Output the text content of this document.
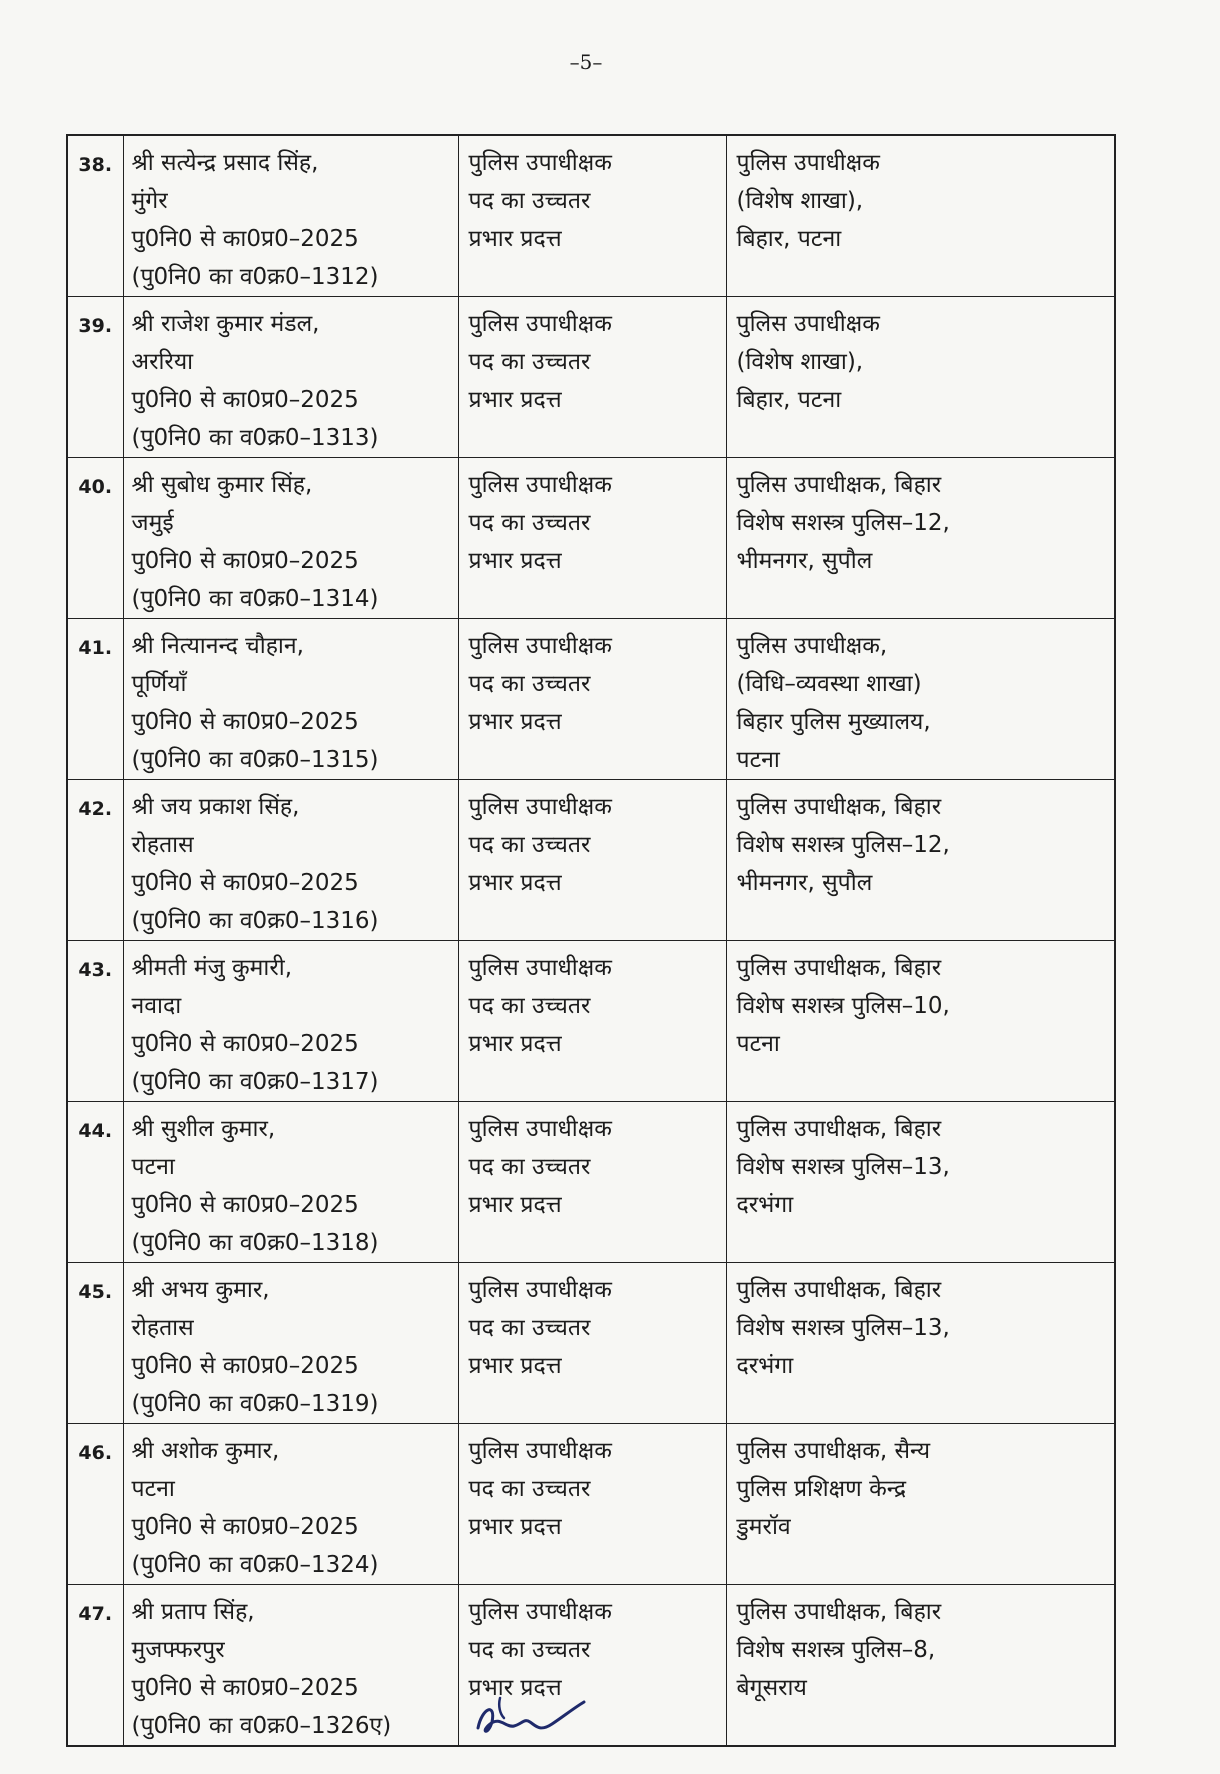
–5–
38.	श्री सत्येन्द्र प्रसाद सिंह,
मुंगेर
पु0नि0 से का0प्र0–2025
(पु0नि0 का व0क्र0–1312)	पुलिस उपाधीक्षक
पद का उच्चतर
प्रभार प्रदत्त	पुलिस उपाधीक्षक
(विशेष शाखा),
बिहार, पटना

39.	श्री राजेश कुमार मंडल,
अररिया
पु0नि0 से का0प्र0–2025
(पु0नि0 का व0क्र0–1313)	पुलिस उपाधीक्षक
पद का उच्चतर
प्रभार प्रदत्त	पुलिस उपाधीक्षक
(विशेष शाखा),
बिहार, पटना

40.	श्री सुबोध कुमार सिंह,
जमुई
पु0नि0 से का0प्र0–2025
(पु0नि0 का व0क्र0–1314)	पुलिस उपाधीक्षक
पद का उच्चतर
प्रभार प्रदत्त	पुलिस उपाधीक्षक, बिहार
विशेष सशस्त्र पुलिस–12,
भीमनगर, सुपौल

41.	श्री नित्यानन्द चौहान,
पूर्णियाँ
पु0नि0 से का0प्र0–2025
(पु0नि0 का व0क्र0–1315)	पुलिस उपाधीक्षक
पद का उच्चतर
प्रभार प्रदत्त	पुलिस उपाधीक्षक,
(विधि–व्यवस्था शाखा)
बिहार पुलिस मुख्यालय,
पटना

42.	श्री जय प्रकाश सिंह,
रोहतास
पु0नि0 से का0प्र0–2025
(पु0नि0 का व0क्र0–1316)	पुलिस उपाधीक्षक
पद का उच्चतर
प्रभार प्रदत्त	पुलिस उपाधीक्षक, बिहार
विशेष सशस्त्र पुलिस–12,
भीमनगर, सुपौल

43.	श्रीमती मंजु कुमारी,
नवादा
पु0नि0 से का0प्र0–2025
(पु0नि0 का व0क्र0–1317)	पुलिस उपाधीक्षक
पद का उच्चतर
प्रभार प्रदत्त	पुलिस उपाधीक्षक, बिहार
विशेष सशस्त्र पुलिस–10,
पटना

44.	श्री सुशील कुमार,
पटना
पु0नि0 से का0प्र0–2025
(पु0नि0 का व0क्र0–1318)	पुलिस उपाधीक्षक
पद का उच्चतर
प्रभार प्रदत्त	पुलिस उपाधीक्षक, बिहार
विशेष सशस्त्र पुलिस–13,
दरभंगा

45.	श्री अभय कुमार,
रोहतास
पु0नि0 से का0प्र0–2025
(पु0नि0 का व0क्र0–1319)	पुलिस उपाधीक्षक
पद का उच्चतर
प्रभार प्रदत्त	पुलिस उपाधीक्षक, बिहार
विशेष सशस्त्र पुलिस–13,
दरभंगा

46.	श्री अशोक कुमार,
पटना
पु0नि0 से का0प्र0–2025
(पु0नि0 का व0क्र0–1324)	पुलिस उपाधीक्षक
पद का उच्चतर
प्रभार प्रदत्त	पुलिस उपाधीक्षक, सैन्य
पुलिस प्रशिक्षण केन्द्र
डुमरॉव

47.	श्री प्रताप सिंह,
मुजफ्फरपुर
पु0नि0 से का0प्र0–2025
(पु0नि0 का व0क्र0–1326ए)	पुलिस उपाधीक्षक
पद का उच्चतर
प्रभार प्रदत्त	पुलिस उपाधीक्षक, बिहार
विशेष सशस्त्र पुलिस–8,
बेगूसराय
